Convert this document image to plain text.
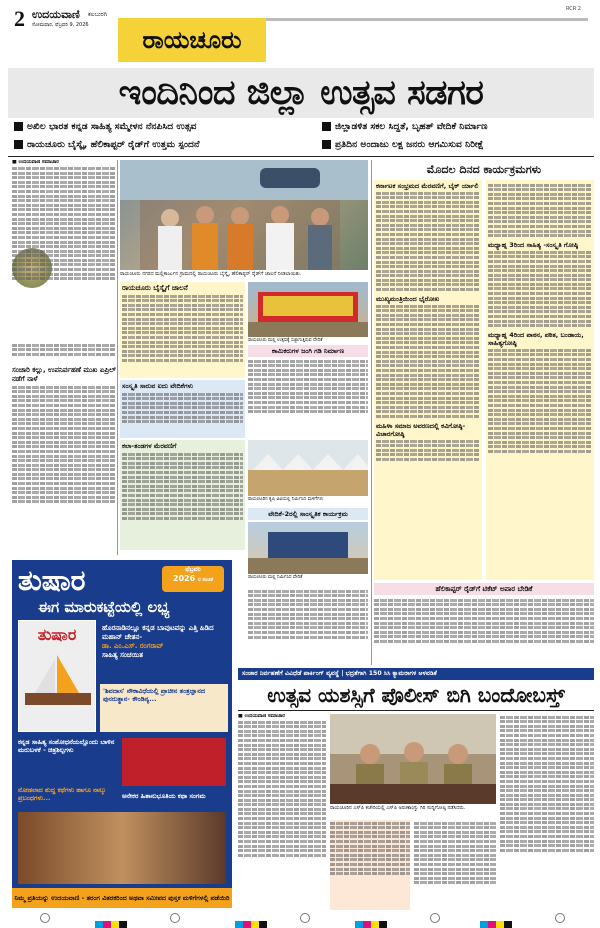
2 ಉದಯವಾಣಿ ಕಲಬುರಗಿ
ಸೋಮವಾರ, ಫೆಬ್ರವರಿ 9, 2026
ರಾಯಚೂರು
RCR 2
ಇಂದಿನಿಂದ ಜಿಲ್ಲಾ ಉತ್ಸವ ಸಡಗರ
ಅಖಿಲ ಭಾರತ ಕನ್ನಡ ಸಾಹಿತ್ಯ ಸಮ್ಮೇಳನ ನೆನಪಿಸಿದ ಉತ್ಸವ	ಜಿಲ್ಲಾಡಳಿತ ಸಕಲ ಸಿದ್ಧತೆ, ಬೃಹತ್ ವೇದಿಕೆ ನಿರ್ಮಾಣ
ರಾಯಚೂರು ಬೈಸ್ಕೈ, ಹೆಲಿಕಾಪ್ಟರ್ ರೈಡ್‌ಗೆ ಉತ್ತಮ ಸ್ಪಂದನೆ	ಪ್ರತಿದಿನ ಅಂದಾಜು ಲಕ್ಷ ಜನರು ಆಗಮಿಸುವ ನಿರೀಕ್ಷೆ
■ ಉದಯವಾಣಿ ಸಮಾಚಾರ
ರಾಯಚೂರು ನಗರದ ಮಲ್ಲಿಕಾರ್ಜುನ ಗ್ರಾಮದಲ್ಲಿ ರಾಯಚೂರು ಬೈಸ್ಕೈ, ಹೆಲಿಕಾಪ್ಟರ್ ರೈಡ್‌ಗೆ ಚಾಲನೆ ನೀಡಲಾಯಿತು.
ರಾಯಚೂರು ಬೈಸ್ಕೈಗೆ ಚಾಲನೆ
ರಾಯಚೂರು ಮಲ್ಲಿ ಉತ್ಸವಕ್ಕೆ ಸಜ್ಜಾಗುತ್ತಿರುವ ವೇದಿಕೆ
ಸಂಚಾರಿ ಕಲ್ಲು, ಉಪನಿರ್ವಹಣೆ ಮುಖ ಏಪ್ರಿಲ್ ನಡೆಗೆ ನಾಳೆ
ಕಾಮಿಕರುಗಳ ಜಂಗಿ ಗಡಿ ನಿರ್ಮಾಣ
ಸಂಸ್ಕೃತಿ ಸಾರುವ ಐದು ವೇದಿಕೆಗಳು
ಕಲಾ-ತಂಡಗಳ ಮೆರವಣಿಗೆ
ರಾಯಚೂರಿನ ಕೃಷಿ ವಿವಿಯಲ್ಲಿ ನಿರ್ಮಿಸಿದ ಮಳಿಗೆಗಳು
ವೇದಿಕೆ-2ರಲ್ಲಿ ಸಾಂಸ್ಕೃತಿಕ ಕಾರ್ಯಕ್ರಮ
ರಾಯಚೂರು ಮಲ್ಲಿ ನಿರ್ಮಿಸಿದ ವೇದಿಕೆ
ಮೊದಲ ದಿನದ ಕಾರ್ಯಕ್ರಮಗಳು
ಕರ್ನಾಟಕ ಸಂಭ್ರಮದ ಮೆರವಣಿಗೆ, ಬೈಕ್ ರ್ಯಾಲಿ
ಮುಖ್ಯಮಂತ್ರಿಯಿಂದ ಭೈರೋಖ
ಮಹಿಳಾ ಸಮಾಜ ಅವರಣದಲ್ಲಿ ಕವಿಗೋಷ್ಠಿ-ವಿಚಾರಗೋಷ್ಠಿ
ಮಧ್ಯಾಹ್ನ 3ರಿಂದ ಸಾಹಿತ್ಯ -ಸಂಸ್ಕೃತಿ ಗೋಷ್ಠಿ
ಮಧ್ಯಾಹ್ನ 4ರಿಂದ ಪಾಠನ, ಪಠಿತ, ಬಂಡಾಯ, ಸಾಹಿತ್ಯಗೋಷ್ಠಿ
ಹೆಲಿಕಾಪ್ಟರ್ ರೈಡ್‌ಗೆ ಟಿಕೆಟ್ ಅಪಾರ ಬೇಡಿಕೆ
ತುಷಾರ	ಫೆಬ್ರವರಿ
2026 ರ ಸಂಚಿಕೆ
ಈಗ ಮಾರುಕಟ್ಟೆಯಲ್ಲಿ ಲಭ್ಯ
ತುಷಾರ	ಹೊರನಾಡಿನಲ್ಲೂ ಕನ್ನಡ ಬಾವುಟವನ್ನು ಎತ್ತಿ ಹಿಡಿದ ಮಹಾನ್ ಚೇತನ-
ಡಾ. ಎಂ.ಎಸ್. ರಂಗರಾವ್
ಸಾಹಿತ್ಯ ಸಂಚಯಿತ
'ಶಿವದಾಸ' ನೌಕಾವಿಧೆಯಲ್ಲಿ ಪ್ರಾಚೀನ ತಂತ್ರಜ್ಞಾನದ ಪುನರುತ್ಥಾನ- ಕೌಂಡಿನ್ಯ...
ಕನ್ನಡ ಸಾಹಿತ್ಯ ಸಂಶೋಧನೆಯಲ್ಲೊಂದು ಬಾಳಿನ ಮರುಬಳಕೆ - ಚಿತ್ರಶಿಲ್ಪಗಳು
ನೋಡಲಾದ ಶುದ್ಧ ಕಥೆಗಳು ಹಾಗೂ ನಾಲ್ಕು ಪ್ರಬಂಧಗಳು...	ಅನೇಕರ ಹಿತಾನುಭೂತಿಯ ಕಥಾ ಸಂಗಮ
ನಿಮ್ಮ ಪ್ರತಿಯನ್ನು ಉದಯವಾಣಿ - ತರಂಗ ವಿತರಕರಿಂದ ಅಥವಾ ಸಮೀಪದ ಪುಸ್ತಕ ಮಳಿಗೆಗಳಲ್ಲಿ ಪಡೆಯಿರಿ
ಸಂಚಾರ ನಿರ್ವಹಣೆಗೆ ವಿವಿಧೆಡೆ ಪಾರ್ಕಿಂಗ್ ವ್ಯವಸ್ಥೆ | ಭದ್ರತೆಗಾಗಿ 150 ಸಿಸಿ ಕ್ಯಾಮರಾಗಳ ಅಳವಡಿಕೆ
ಉತ್ಸವ ಯಶಸ್ಸಿಗೆ ಪೊಲೀಸ್ ಬಿಗಿ ಬಂದೋಬಸ್ತ್
■ ಉದಯವಾಣಿ ಸಮಾಚಾರ
ರಾಯಚೂರಿನ ಎಸ್‌ಪಿ ಕಚೇರಿಯಲ್ಲಿ ಎಸ್‌ಪಿ ಅರುಣಾಂಗ್ಶು ಗಿರಿ ಸುದ್ದಿಗೋಷ್ಠಿ ನಡೆಸಿದರು.
